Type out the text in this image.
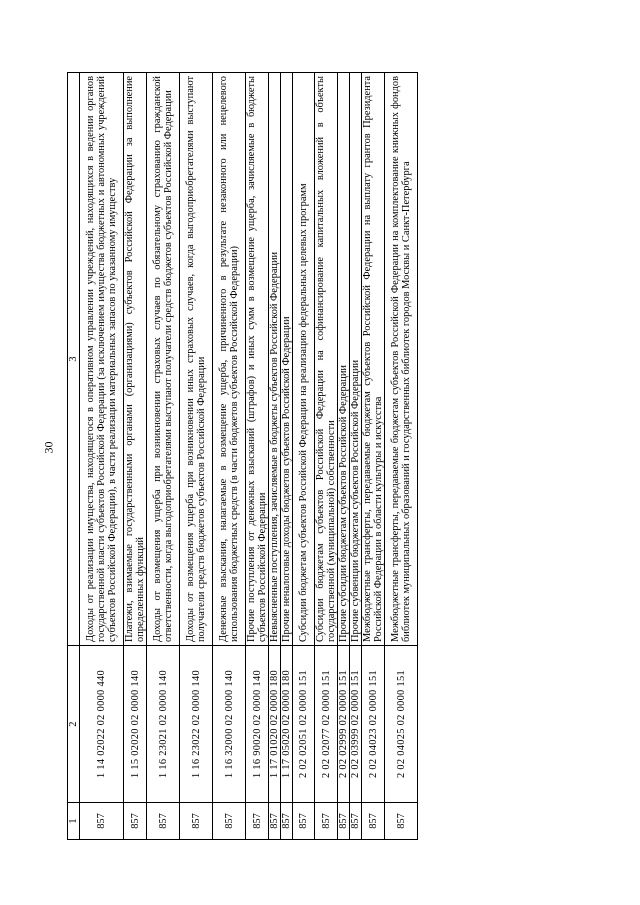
30
1	2	3
857	1 14 02022 02 0000 440	Доходы от реализации имущества, находящегося в оперативном управлении учреждений, находящихся в ведении органов государственной власти субъектов Российской Федерации (за исключением имущества бюджетных и автономных учреждений субъектов Российской Федерации), в части реализации материальных запасов по указанному имуществу
857	1 15 02020 02 0000 140	Платежи, взимаемые государственными органами (организациями) субъектов Российской Федерации за выполнение определенных функций
857	1 16 23021 02 0000 140	Доходы от возмещения ущерба при возникновении страховых случаев по обязательному страхованию гражданской ответственности, когда выгодоприобретателями выступают получатели средств бюджетов субъектов Российской Федерации
857	1 16 23022 02 0000 140	Доходы от возмещения ущерба при возникновении иных страховых случаев, когда выгодоприобретателями выступают получатели средств бюджетов субъектов Российской Федерации
857	1 16 32000 02 0000 140	Денежные взыскания, налагаемые в возмещение ущерба, причиненного в результате незаконного или нецелевого использования бюджетных средств (в части бюджетов субъектов Российской Федерации)
857	1 16 90020 02 0000 140	Прочие поступления от денежных взысканий (штрафов) и иных сумм в возмещение ущерба, зачисляемые в бюджеты субъектов Российской Федерации
857	1 17 01020 02 0000 180	Невыясненные поступления, зачисляемые в бюджеты субъектов Российской Федерации
857	1 17 05020 02 0000 180	Прочие неналоговые доходы бюджетов субъектов Российской Федерации
857	2 02 02051 02 0000 151	Субсидии бюджетам субъектов Российской Федерации на реализацию федеральных целевых программ
857	2 02 02077 02 0000 151	Субсидии бюджетам субъектов Российской Федерации на софинансирование капитальных вложений в объекты государственной (муниципальной) собственности
857	2 02 02999 02 0000 151	Прочие субсидии бюджетам субъектов Российской Федерации
857	2 02 03999 02 0000 151	Прочие субвенции бюджетам субъектов Российской Федерации
857	2 02 04023 02 0000 151	Межбюджетные трансферты, передаваемые бюджетам субъектов Российской Федерации на выплату грантов Президента Российской Федерации в области культуры и искусства
857	2 02 04025 02 0000 151	Межбюджетные трансферты, передаваемые бюджетам субъектов Российской Федерации на комплектование книжных фондов библиотек муниципальных образований и государственных библиотек городов Москвы и Санкт-Петербурга
